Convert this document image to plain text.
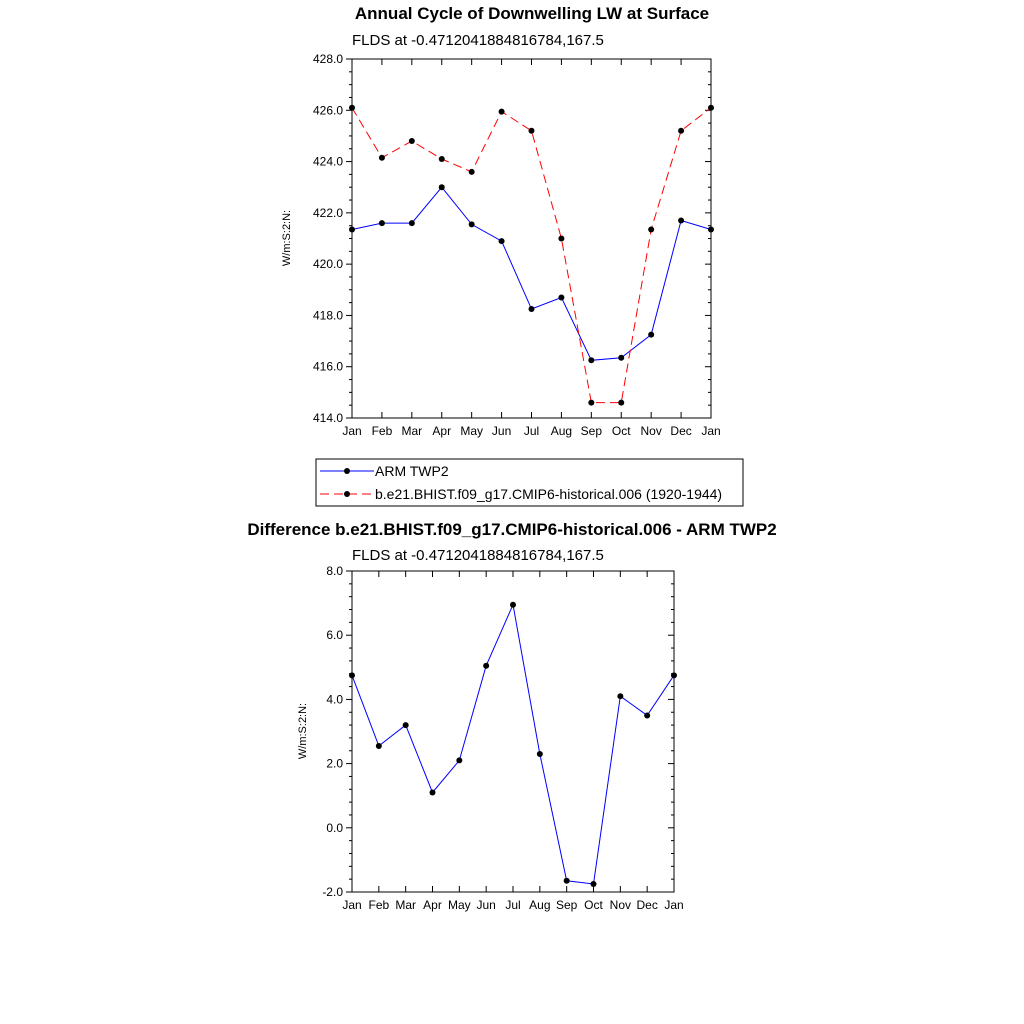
Annual Cycle of Downwelling LW at Surface
FLDS at -0.4712041884816784,167.5
W/m:S:2:N:
Jan Feb Mar Apr May Jun Jul Aug Sep Oct Nov Dec Jan
414.0
416.0
418.0
420.0
422.0
424.0
426.0
428.0
ARM TWP2
b.e21.BHIST.f09_g17.CMIP6-historical.006 (1920-1944)
Difference b.e21.BHIST.f09_g17.CMIP6-historical.006 - ARM TWP2
FLDS at -0.4712041884816784,167.5
W/m:S:2:N:
Jan Feb Mar Apr May Jun Jul Aug Sep Oct Nov Dec Jan
-2.0
0.0
2.0
4.0
6.0
8.0
